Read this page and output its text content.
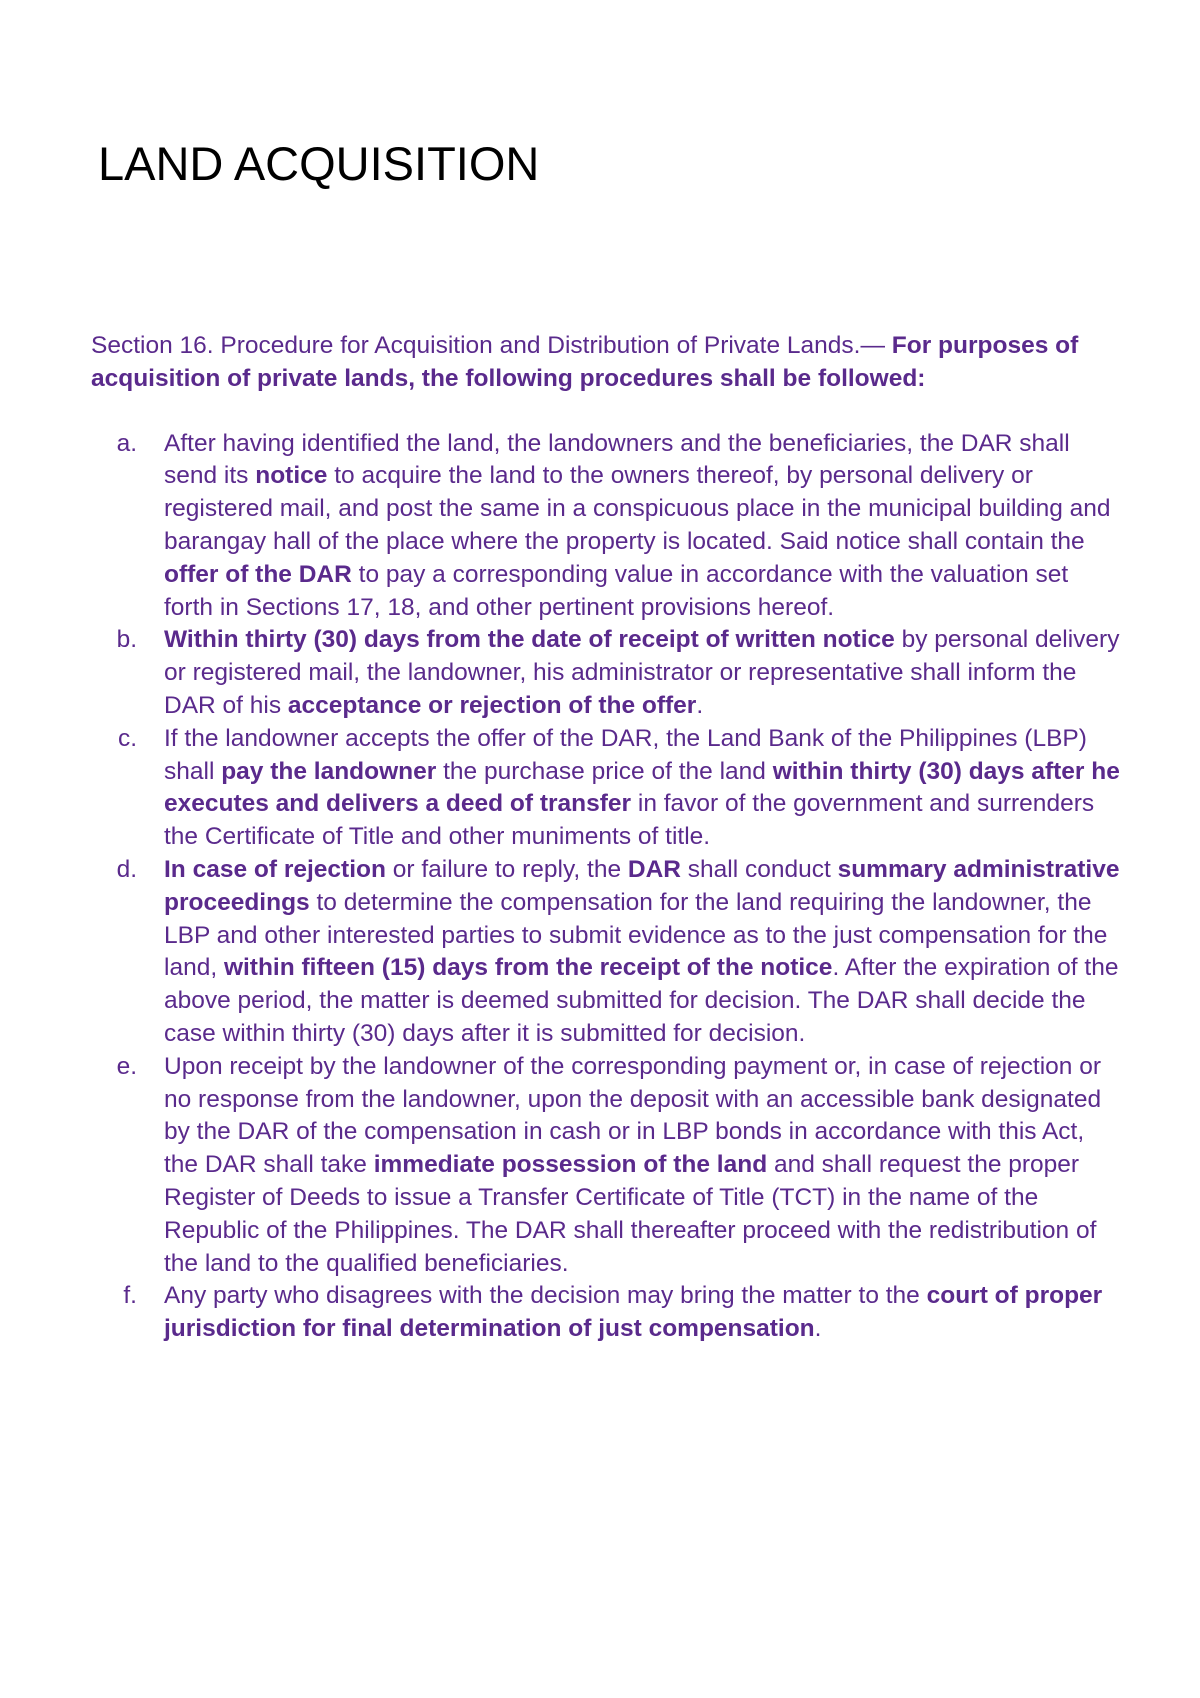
LAND ACQUISITION

Section 16. Procedure for Acquisition and Distribution of Private Lands.— For purposes of acquisition of private lands, the following procedures shall be followed:

a. After having identified the land, the landowners and the beneficiaries, the DAR shall send its notice to acquire the land to the owners thereof, by personal delivery or registered mail, and post the same in a conspicuous place in the municipal building and barangay hall of the place where the property is located. Said notice shall contain the offer of the DAR to pay a corresponding value in accordance with the valuation set forth in Sections 17, 18, and other pertinent provisions hereof.
b. Within thirty (30) days from the date of receipt of written notice by personal delivery or registered mail, the landowner, his administrator or representative shall inform the DAR of his acceptance or rejection of the offer.
c. If the landowner accepts the offer of the DAR, the Land Bank of the Philippines (LBP) shall pay the landowner the purchase price of the land within thirty (30) days after he executes and delivers a deed of transfer in favor of the government and surrenders the Certificate of Title and other muniments of title.
d. In case of rejection or failure to reply, the DAR shall conduct summary administrative proceedings to determine the compensation for the land requiring the landowner, the LBP and other interested parties to submit evidence as to the just compensation for the land, within fifteen (15) days from the receipt of the notice. After the expiration of the above period, the matter is deemed submitted for decision. The DAR shall decide the case within thirty (30) days after it is submitted for decision.
e. Upon receipt by the landowner of the corresponding payment or, in case of rejection or no response from the landowner, upon the deposit with an accessible bank designated by the DAR of the compensation in cash or in LBP bonds in accordance with this Act, the DAR shall take immediate possession of the land and shall request the proper Register of Deeds to issue a Transfer Certificate of Title (TCT) in the name of the Republic of the Philippines. The DAR shall thereafter proceed with the redistribution of the land to the qualified beneficiaries.
f. Any party who disagrees with the decision may bring the matter to the court of proper jurisdiction for final determination of just compensation.
